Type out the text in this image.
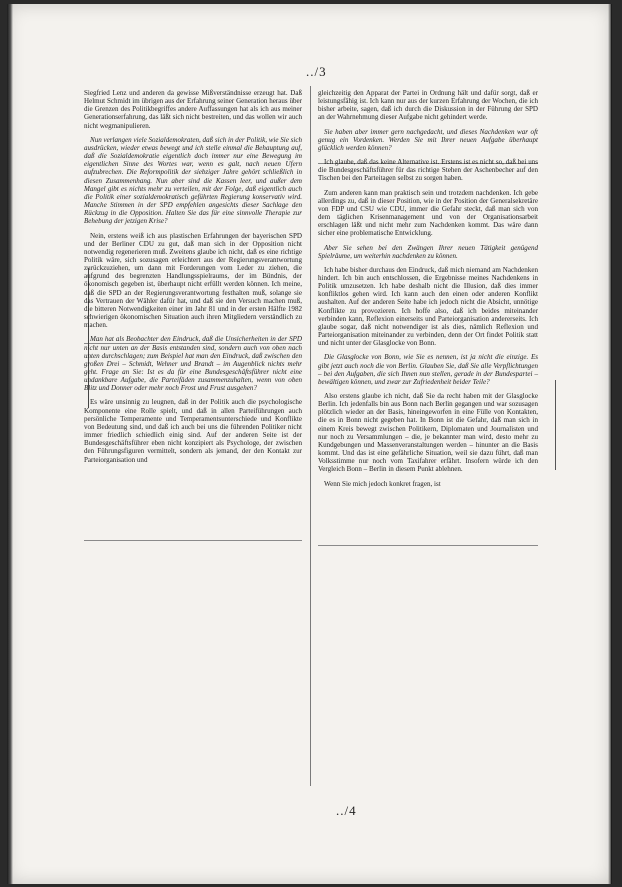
../3
../4

Siegfried Lenz und anderen da gewisse Mißverständnisse erzeugt hat. Daß Helmut Schmidt im übrigen aus der Erfahrung seiner Generation heraus über die Grenzen des Politikbegriffes andere Auffassungen hat als ich aus meiner Generationserfahrung, das läßt sich nicht bestreiten, und das wollen wir auch nicht wegmanipulieren.

Nun verlangen viele Sozialdemokraten, daß sich in der Politik, wie Sie sich ausdrücken, wieder etwas bewegt und ich stelle einmal die Behauptung auf, daß die Sozialdemokratie eigentlich doch immer nur eine Bewegung im eigentlichen Sinne des Wortes war, wenn es galt, nach neuen Ufern aufzubrechen. Die Reformpolitik der siebziger Jahre gehört schließlich in diesen Zusammenhang. Nun aber sind die Kassen leer, und außer dem Mangel gibt es nichts mehr zu verteilen, mit der Folge, daß eigentlich auch die Politik einer sozialdemokratisch geführten Regierung konservativ wird. Manche Stimmen in der SPD empfehlen angesichts dieser Sachlage den Rückzug in die Opposition. Halten Sie das für eine sinnvolle Therapie zur Behebung der jetzigen Krise?

Nein, erstens weiß ich aus plastischen Erfahrungen der bayerischen SPD und der Berliner CDU zu gut, daß man sich in der Opposition nicht notwendig regenerieren muß. Zweitens glaube ich nicht, daß es eine richtige Politik wäre, sich sozusagen erleichtert aus der Regierungsverantwortung zurückzuziehen, um dann mit Forderungen vom Leder zu ziehen, die aufgrund des begrenzten Handlungsspielraums, der im Bündnis, der ökonomisch gegeben ist, überhaupt nicht erfüllt werden können. Ich meine, daß die SPD an der Regierungsverantwortung festhalten muß, solange sie das Vertrauen der Wähler dafür hat, und daß sie den Versuch machen muß, die bitteren Notwendigkeiten einer im Jahr 81 und in der ersten Hälfte 1982 schwierigen ökonomischen Situation auch ihren Mitgliedern verständlich zu machen.

Man hat als Beobachter den Eindruck, daß die Unsicherheiten in der SPD nicht nur unten an der Basis entstanden sind, sondern auch von oben nach unten durchschlagen; zum Beispiel hat man den Eindruck, daß zwischen den großen Drei – Schmidt, Wehner und Brandt – im Augenblick nichts mehr geht. Frage an Sie: Ist es da für eine Bundesgeschäftsführer nicht eine undankbare Aufgabe, die Parteifäden zusammenzuhalten, wenn von oben Blitz und Donner oder mehr noch Frost und Frust ausgehen?

Es wäre unsinnig zu leugnen, daß in der Politik auch die psychologische Komponente eine Rolle spielt, und daß in allen Parteiführungen auch persönliche Temperamente und Temperamentsunterschiede und Konflikte von Bedeutung sind, und daß ich auch bei uns die führenden Politiker nicht immer friedlich schiedlich einig sind. Auf der anderen Seite ist der Bundesgeschäftsführer eben nicht konzipiert als Psychologe, der zwischen den Führungsfiguren vermittelt, sondern als jemand, der den Kontakt zur Parteiorganisation und

gleichzeitig den Apparat der Partei in Ordnung hält und dafür sorgt, daß er leistungsfähig ist. Ich kann nur aus der kurzen Erfahrung der Wochen, die ich bisher arbeite, sagen, daß ich durch die Diskussion in der Führung der SPD an der Wahrnehmung dieser Aufgabe nicht gehindert werde.

Sie haben aber immer gern nachgedacht, und dieses Nachdenken war oft genug ein Vordenken. Werden Sie mit Ihrer neuen Aufgabe überhaupt glücklich werden können?

Ich glaube, daß das keine Alternative ist. Erstens ist es nicht so, daß bei uns die Bundesgeschäftsführer für das richtige Stehen der Aschenbecher auf den Tischen bei den Parteitagen selbst zu sorgen haben.

Zum anderen kann man praktisch sein und trotzdem nachdenken. Ich gebe allerdings zu, daß in dieser Position, wie in der Position der Generalsekretäre von FDP und CSU wie CDU, immer die Gefahr steckt, daß man sich von dem täglichen Krisenmanagement und von der Organisationsarbeit erschlagen läßt und nicht mehr zum Nachdenken kommt. Das wäre dann sicher eine problematische Entwicklung.

Aber Sie sehen bei den Zwängen Ihrer neuen Tätigkeit genügend Spielräume, um weiterhin nachdenken zu können.

Ich habe bisher durchaus den Eindruck, daß mich niemand am Nachdenken hindert. Ich bin auch entschlossen, die Ergebnisse meines Nachdenkens in Politik umzusetzen. Ich habe deshalb nicht die Illusion, daß dies immer konfliktlos gehen wird. Ich kann auch den einen oder anderen Konflikt aushalten. Auf der anderen Seite habe ich jedoch nicht die Absicht, unnötige Konflikte zu provozieren. Ich hoffe also, daß ich beides miteinander verbinden kann, Reflexion einerseits und Parteiorganisation andererseits. Ich glaube sogar, daß nicht notwendiger ist als dies, nämlich Reflexion und Parteiorganisation miteinander zu verbinden, denn der Ort findet Politik statt und nicht unter der Glasglocke von Bonn.

Die Glasglocke von Bonn, wie Sie es nennen, ist ja nicht die einzige. Es gibt jetzt auch noch die von Berlin. Glauben Sie, daß Sie alle Verpflichtungen – bei den Aufgaben, die sich Ihnen nun stellen, gerade in der Bundespartei – bewältigen können, und zwar zur Zufriedenheit beider Teile?

Also erstens glaube ich nicht, daß Sie da recht haben mit der Glasglocke Berlin. Ich jedenfalls bin aus Bonn nach Berlin gegangen und war sozusagen plötzlich wieder an der Basis, hineingeworfen in eine Fülle von Kontakten, die es in Bonn nicht gegeben hat. In Bonn ist die Gefahr, daß man sich in einem Kreis bewegt zwischen Politikern, Diplomaten und Journalisten und nur noch zu Versammlungen – die, je bekannter man wird, desto mehr zu Kundgebungen und Massenveranstaltungen werden – hinunter an die Basis kommt. Und das ist eine gefährliche Situation, weil sie dazu führt, daß man Volksstimme nur noch vom Taxifahrer erfährt. Insofern würde ich den Vergleich Bonn – Berlin in diesem Punkt ablehnen.

Wenn Sie mich jedoch konkret fragen, ist
